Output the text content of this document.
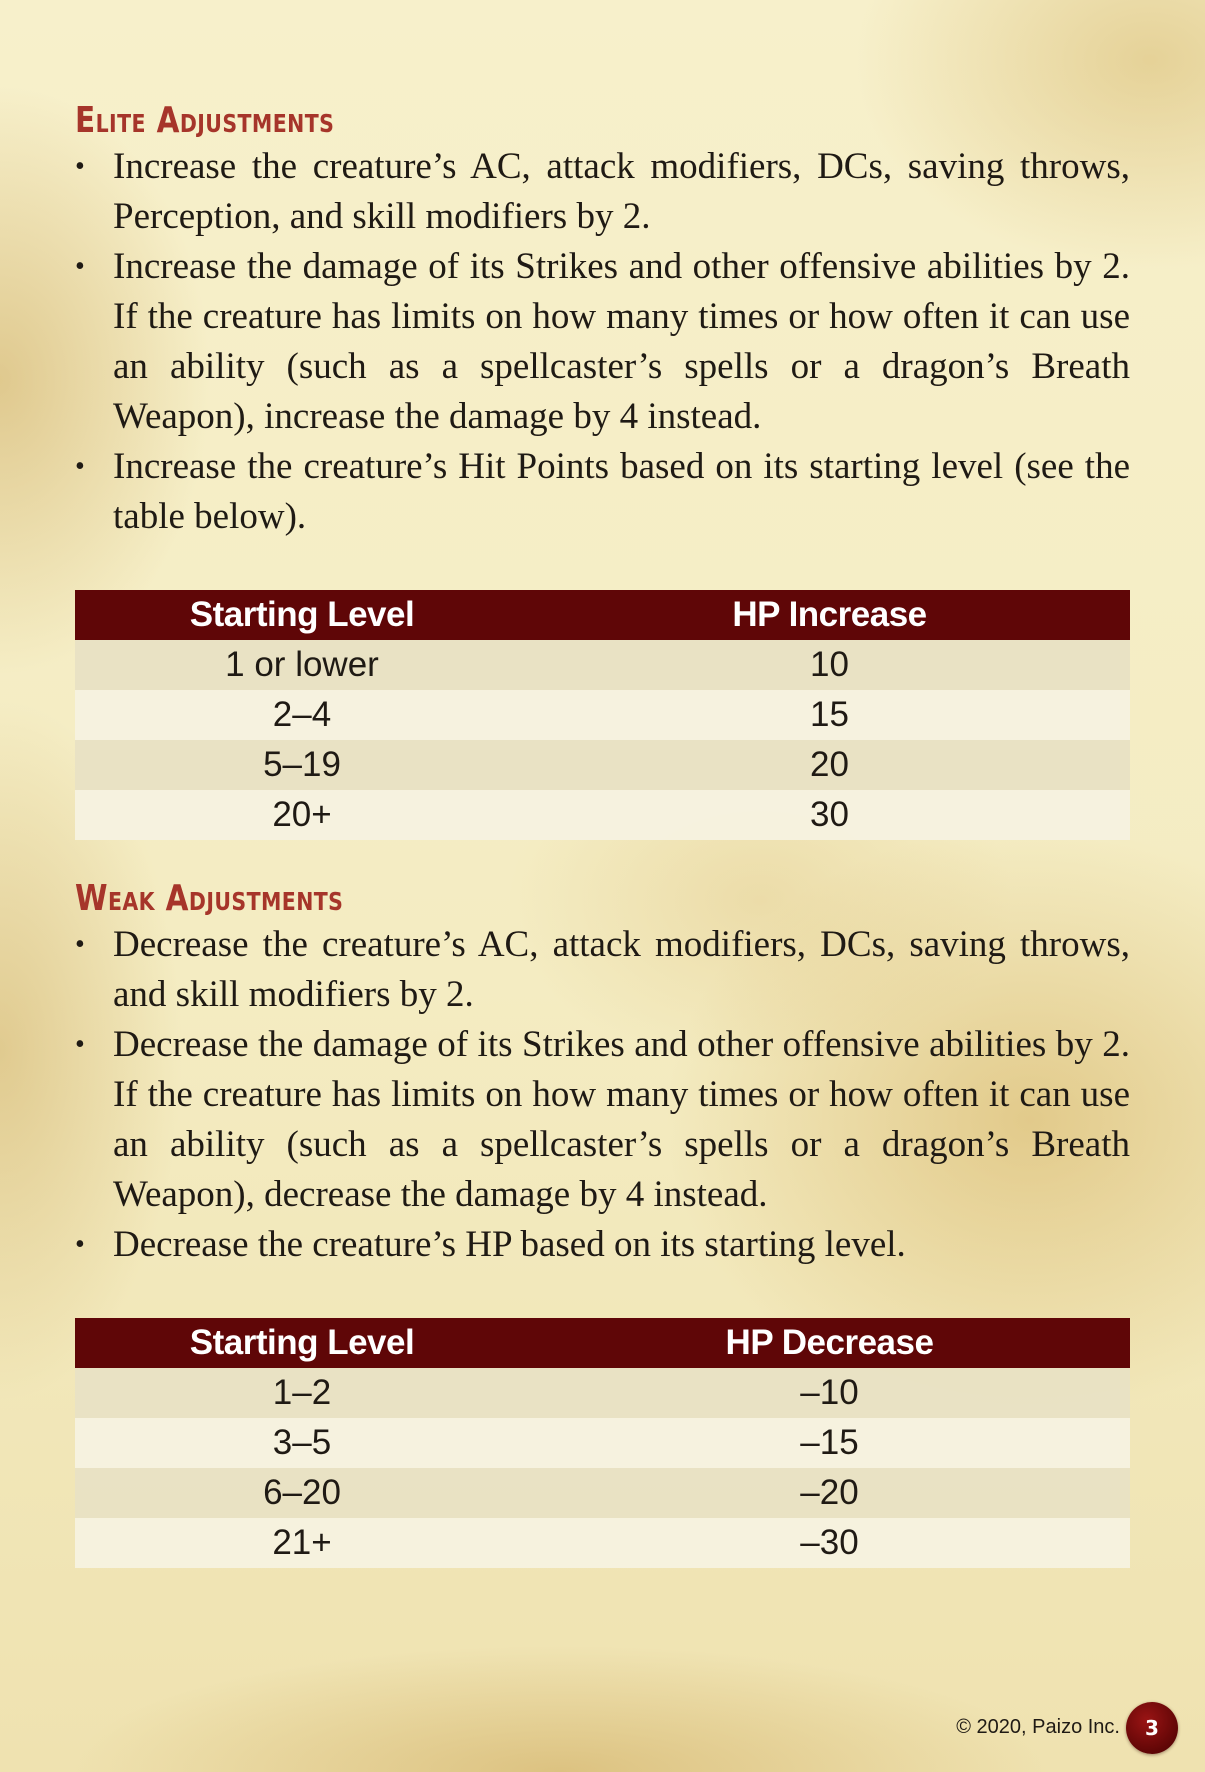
Elite Adjustments
• Increase the creature’s AC, attack modifiers, DCs, saving throws, Perception, and skill modifiers by 2.
• Increase the damage of its Strikes and other offensive abilities by 2. If the creature has limits on how many times or how often it can use an ability (such as a spellcaster’s spells or a dragon’s Breath Weapon), increase the damage by 4 instead.
• Increase the creature’s Hit Points based on its starting level (see the table below).
Starting Level	HP Increase
1 or lower	10
2–4	15
5–19	20
20+	30
Weak Adjustments
• Decrease the creature’s AC, attack modifiers, DCs, saving throws, and skill modifiers by 2.
• Decrease the damage of its Strikes and other offensive abilities by 2. If the creature has limits on how many times or how often it can use an ability (such as a spellcaster’s spells or a dragon’s Breath Weapon), decrease the damage by 4 instead.
• Decrease the creature’s HP based on its starting level.
Starting Level	HP Decrease
1–2	–10
3–5	–15
6–20	–20
21+	–30
© 2020, Paizo Inc.	3
